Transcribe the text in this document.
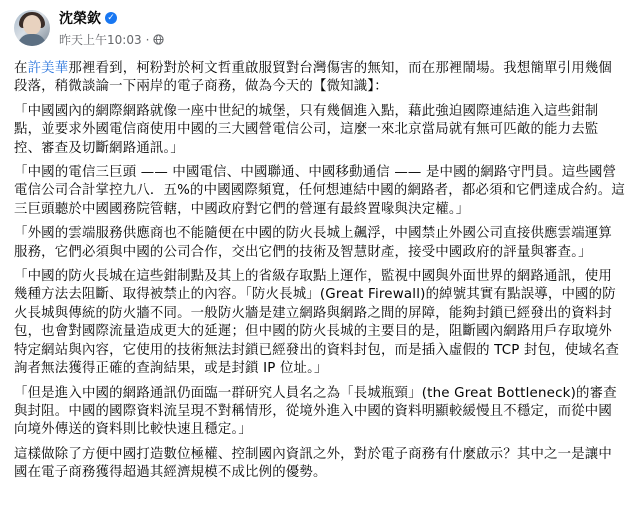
沈榮欽 ✓
昨天上午10:03 ·

在許美華那裡看到，柯粉對於柯文哲重啟服貿對台灣傷害的無知，而在那裡鬧場。我想簡單引用幾個段落，稍微談論一下兩岸的電子商務，做為今天的【微知識】：

「中國國內的網際網路就像一座中世紀的城堡，只有幾個進入點，藉此強迫國際連結進入這些鉗制點，並要求外國電信商使用中國的三大國營電信公司，這麼一來北京當局就有無可匹敵的能力去監控、審查及切斷網路通訊。」

「中國的電信三巨頭 —— 中國電信、中國聯通、中國移動通信 —— 是中國的網路守門員。這些國營電信公司合計掌控九八．五%的中國國際頻寬，任何想連結中國的網路者，都必須和它們達成合約。這三巨頭聽於中國國務院管轄，中國政府對它們的營運有最終置喙與決定權。」

「外國的雲端服務供應商也不能隨便在中國的防火長城上飆浮，中國禁止外國公司直接供應雲端運算服務，它們必須與中國的公司合作，交出它們的技術及智慧財產，接受中國政府的評量與審查。」

「中國的防火長城在這些鉗制點及其上的省級存取點上運作，監視中國與外面世界的網路通訊，使用幾種方法去阻斷、取得被禁止的內容。「防火長城」(Great Firewall)的綽號其實有點誤導，中國的防火長城與傳統的防火牆不同。一般防火牆是建立網路與網路之間的屏障，能夠封鎖已經發出的資料封包，也會對國際流量造成更大的延遲；但中國的防火長城的主要目的是，阻斷國內網路用戶存取境外特定網站與內容，它使用的技術無法封鎖已經發出的資料封包，而是插入虛假的 TCP 封包，使域名查詢者無法獲得正確的查詢結果，或是封鎖 IP 位址。」

「但是進入中國的網路通訊仍面臨一群研究人員名之為「長城瓶頸」(the Great Bottleneck)的審查與封阻。中國的國際資料流呈現不對稱情形，從境外進入中國的資料明顯較緩慢且不穩定，而從中國向境外傳送的資料則比較快速且穩定。」

這樣做除了方便中國打造數位極權、控制國內資訊之外，對於電子商務有什麼啟示？其中之一是讓中國在電子商務獲得超過其經濟規模不成比例的優勢。
